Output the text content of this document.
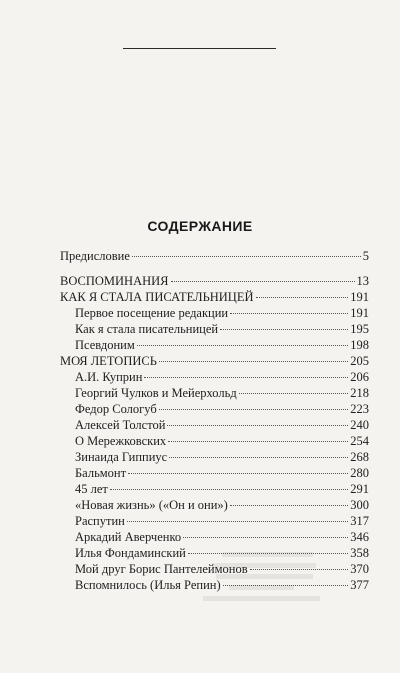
СОДЕРЖАНИЕ
Предисловие	5
ВОСПОМИНАНИЯ	13
КАК Я СТАЛА ПИСАТЕЛЬНИЦЕЙ	191
Первое посещение редакции	191
Как я стала писательницей	195
Псевдоним	198
МОЯ ЛЕТОПИСЬ	205
А.И. Куприн	206
Георгий Чулков и Мейерхольд	218
Федор Сологуб	223
Алексей Толстой	240
О Мережковских	254
Зинаида Гиппиус	268
Бальмонт	280
45 лет	291
«Новая жизнь» («Он и они»)	300
Распутин	317
Аркадий Аверченко	346
Илья Фондаминский	358
Мой друг Борис Пантелеймонов	370
Вспомнилось (Илья Репин)	377
